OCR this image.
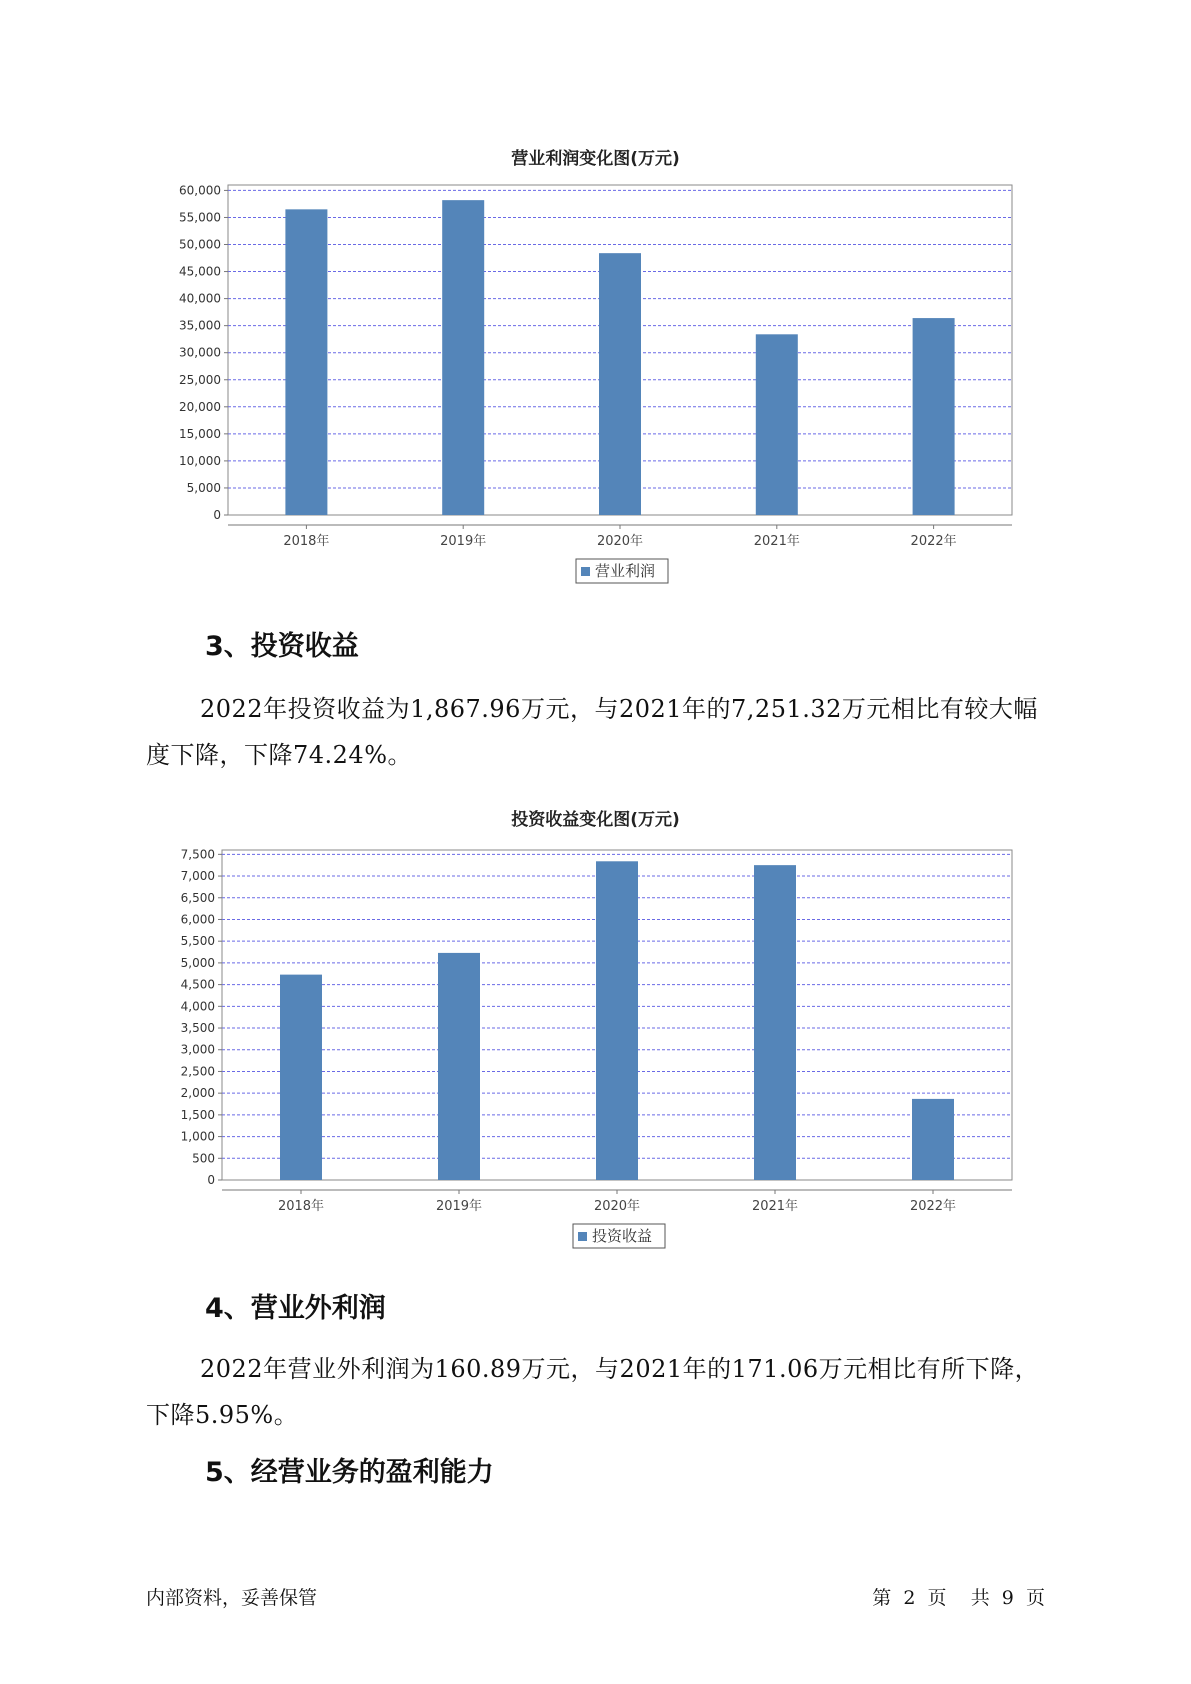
营业利润变化图(万元)
0
5,000
10,000
15,000
20,000
25,000
30,000
35,000
40,000
45,000
50,000
55,000
60,000
2018年	2019年	2020年	2021年	2022年
营业利润
3、投资收益

2022年投资收益为1,867.96万元，与2021年的7,251.32万元相比有较大幅度下降，下降74.24%。

投资收益变化图(万元)
0
500
1,000
1,500
2,000
2,500
3,000
3,500
4,000
4,500
5,000
5,500
6,000
6,500
7,000
7,500
2018年	2019年	2020年	2021年	2022年
投资收益
4、营业外利润

2022年营业外利润为160.89万元，与2021年的171.06万元相比有所下降，下降5.95%。

5、经营业务的盈利能力
内部资料，妥善保管	第 2 页 共 9 页
